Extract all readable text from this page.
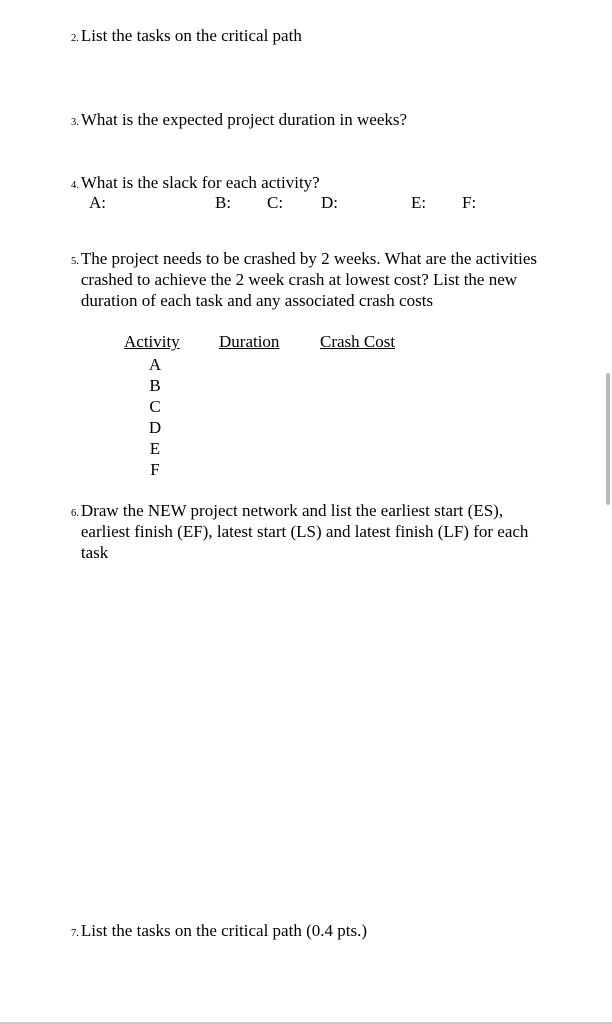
2. List the tasks on the critical path
3. What is the expected project duration in weeks?
4. What is the slack for each activity?
A:	B: C: D:	E: F:
5. The project needs to be crashed by 2 weeks. What are the activities crashed to achieve the 2 week crash at lowest cost? List the new duration of each task and any associated crash costs
Activity Duration Crash Cost
A
B
C
D
E
F
6. Draw the NEW project network and list the earliest start (ES), earliest finish (EF), latest start (LS) and latest finish (LF) for each task
7. List the tasks on the critical path (0.4 pts.)
